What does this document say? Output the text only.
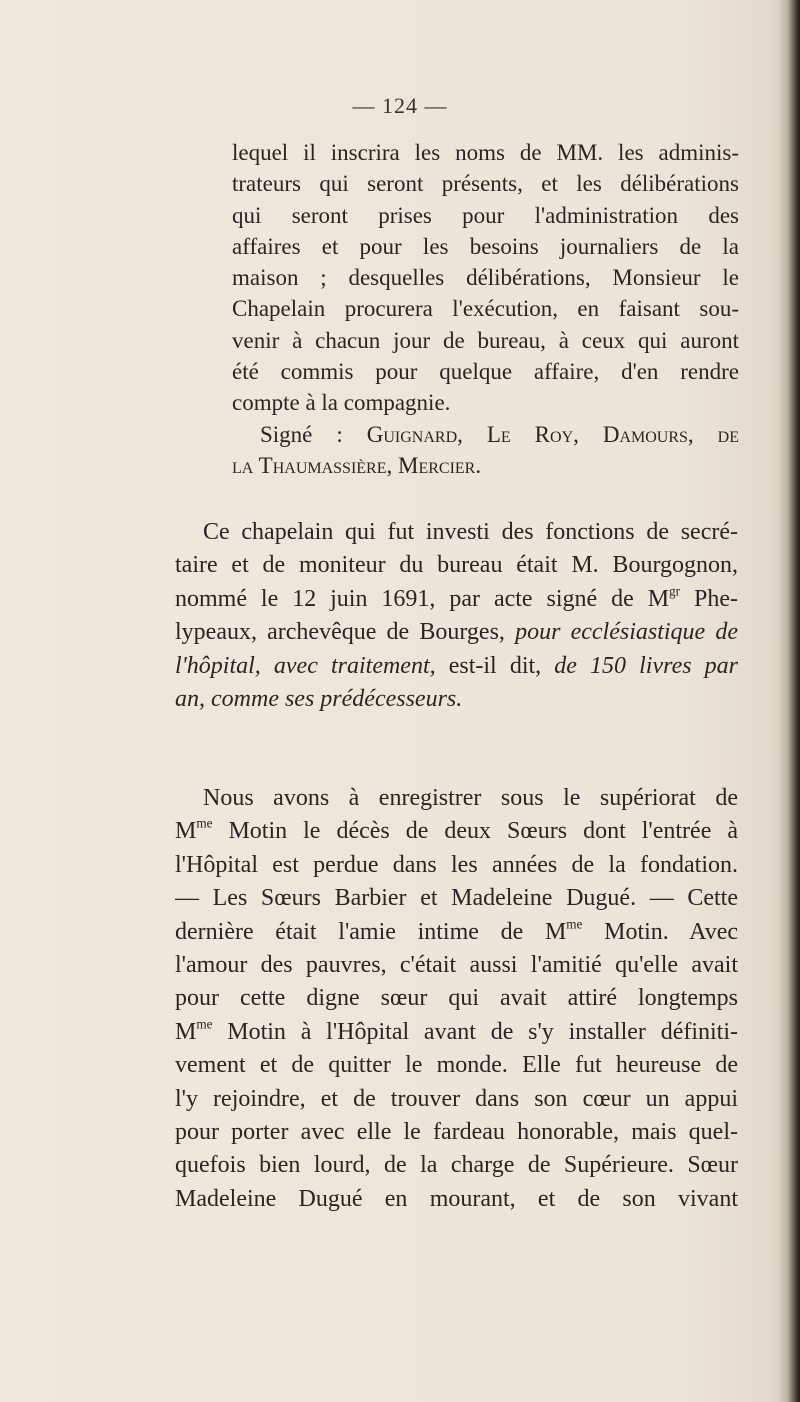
— 124 —
lequel il inscrira les noms de MM. les adminis-
trateurs qui seront présents, et les délibérations
qui seront prises pour l'administration des
affaires et pour les besoins journaliers de la
maison ; desquelles délibérations, Monsieur le
Chapelain procurera l'exécution, en faisant sou-
venir à chacun jour de bureau, à ceux qui auront
été commis pour quelque affaire, d'en rendre
compte à la compagnie.
Signé : Guignard, Le Roy, Damours, de
la Thaumassière, Mercier.
Ce chapelain qui fut investi des fonctions de secré-
taire et de moniteur du bureau était M. Bourgognon,
nommé le 12 juin 1691, par acte signé de $M^{gr}$ Phe-
lypeaux, archevêque de Bourges, pour ecclésiastique de
l'hôpital, avec traitement, est-il dit, de 150 livres par
an, comme ses prédécesseurs.
Nous avons à enregistrer sous le supériorat de
$M^{me}$ Motin le décès de deux Sœurs dont l'entrée à
l'Hôpital est perdue dans les années de la fondation.
— Les Sœurs Barbier et Madeleine Dugué. — Cette
dernière était l'amie intime de $M^{me}$ Motin. Avec
l'amour des pauvres, c'était aussi l'amitié qu'elle avait
pour cette digne sœur qui avait attiré longtemps
$M^{me}$ Motin à l'Hôpital avant de s'y installer définiti-
vement et de quitter le monde. Elle fut heureuse de
l'y rejoindre, et de trouver dans son cœur un appui
pour porter avec elle le fardeau honorable, mais quel-
quefois bien lourd, de la charge de Supérieure. Sœur
Madeleine Dugué en mourant, et de son vivant
